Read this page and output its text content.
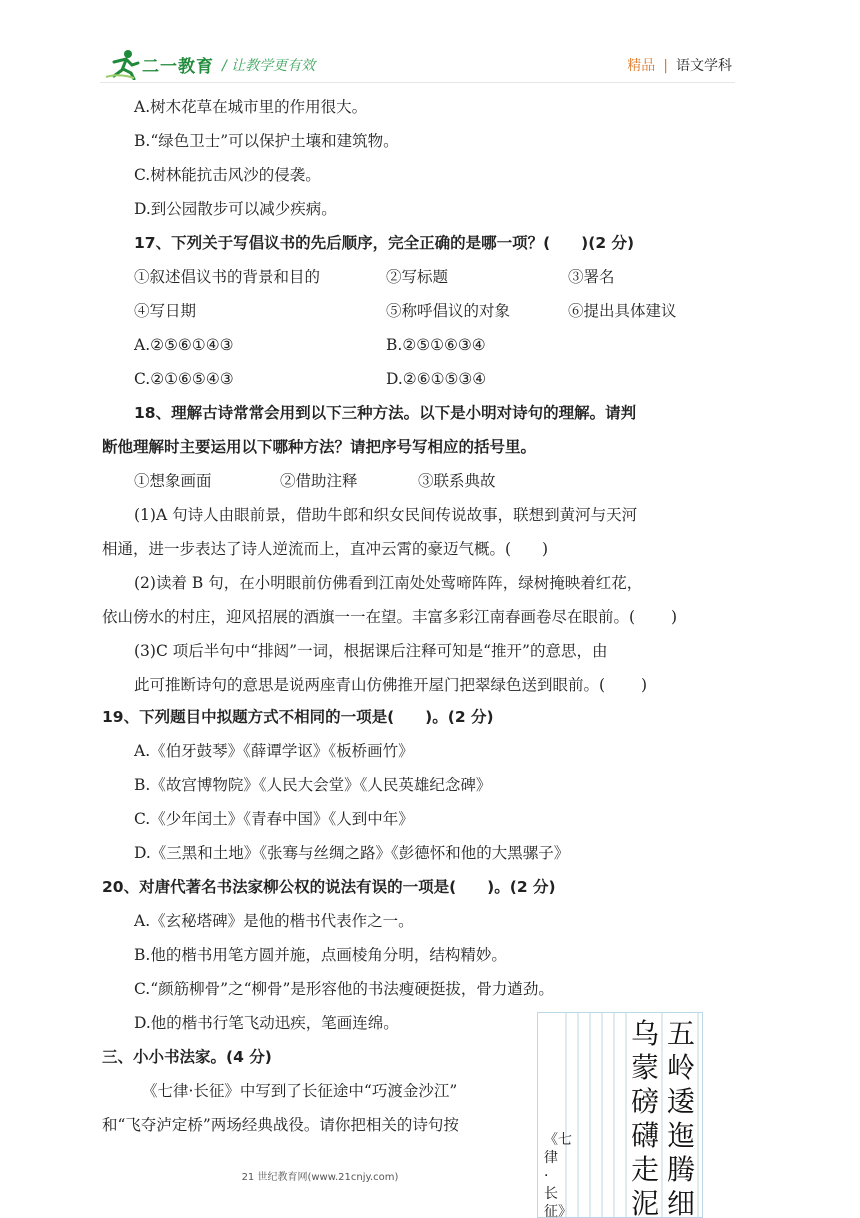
二一教育 / 让教学更有效	精品 | 语文学科
A.树木花草在城市里的作用很大。
B.“绿色卫士”可以保护土壤和建筑物。
C.树林能抗击风沙的侵袭。
D.到公园散步可以减少疾病。
17、下列关于写倡议书的先后顺序，完全正确的是哪一项？(　　)(2 分)
①叙述倡议书的背景和目的	②写标题	③署名
④写日期	⑤称呼倡议的对象	⑥提出具体建议
A.②⑤⑥①④③	B.②⑤①⑥③④
C.②①⑥⑤④③	D.②⑥①⑤③④
18、理解古诗常常会用到以下三种方法。以下是小明对诗句的理解。请判
断他理解时主要运用以下哪种方法？请把序号写相应的括号里。
①想象画面	②借助注释	③联系典故
(1)A 句诗人由眼前景，借助牛郎和织女民间传说故事，联想到黄河与天河
相通，进一步表达了诗人逆流而上，直冲云霄的豪迈气概。(　　)
(2)读着 B 句，在小明眼前仿佛看到江南处处莺啼阵阵，绿树掩映着红花，
依山傍水的村庄，迎风招展的酒旗一一在望。丰富多彩江南春画卷尽在眼前。(　　 )
(3)C 项后半句中“排闼”一词，根据课后注释可知是“推开”的意思，由
此可推断诗句的意思是说两座青山仿佛推开屋门把翠绿色送到眼前。(　　 )
19、下列题目中拟题方式不相同的一项是(　　)。(2 分)
A.《伯牙鼓琴》《薛谭学讴》《板桥画竹》
B.《故宫博物院》《人民大会堂》《人民英雄纪念碑》
C.《少年闰土》《青春中国》《人到中年》
D.《三黑和土地》《张骞与丝绸之路》《彭德怀和他的大黑骡子》
20、对唐代著名书法家柳公权的说法有误的一项是(　　)。(2 分)
A.《玄秘塔碑》是他的楷书代表作之一。
B.他的楷书用笔方圆并施，点画棱角分明，结构精妙。
C.“颜筋柳骨”之“柳骨”是形容他的书法瘦硬挺拔，骨力遒劲。
D.他的楷书行笔飞动迅疾，笔画连绵。
三、小小书法家。(4 分)
《七律·长征》中写到了长征途中“巧渡金沙江”
和“飞夺泸定桥”两场经典战役。请你把相关的诗句按
乌
蒙
磅
礴
走
泥
五
岭
逶
迤
腾
细
《七律·长征》
21 世纪教育网(www.21cnjy.com)
